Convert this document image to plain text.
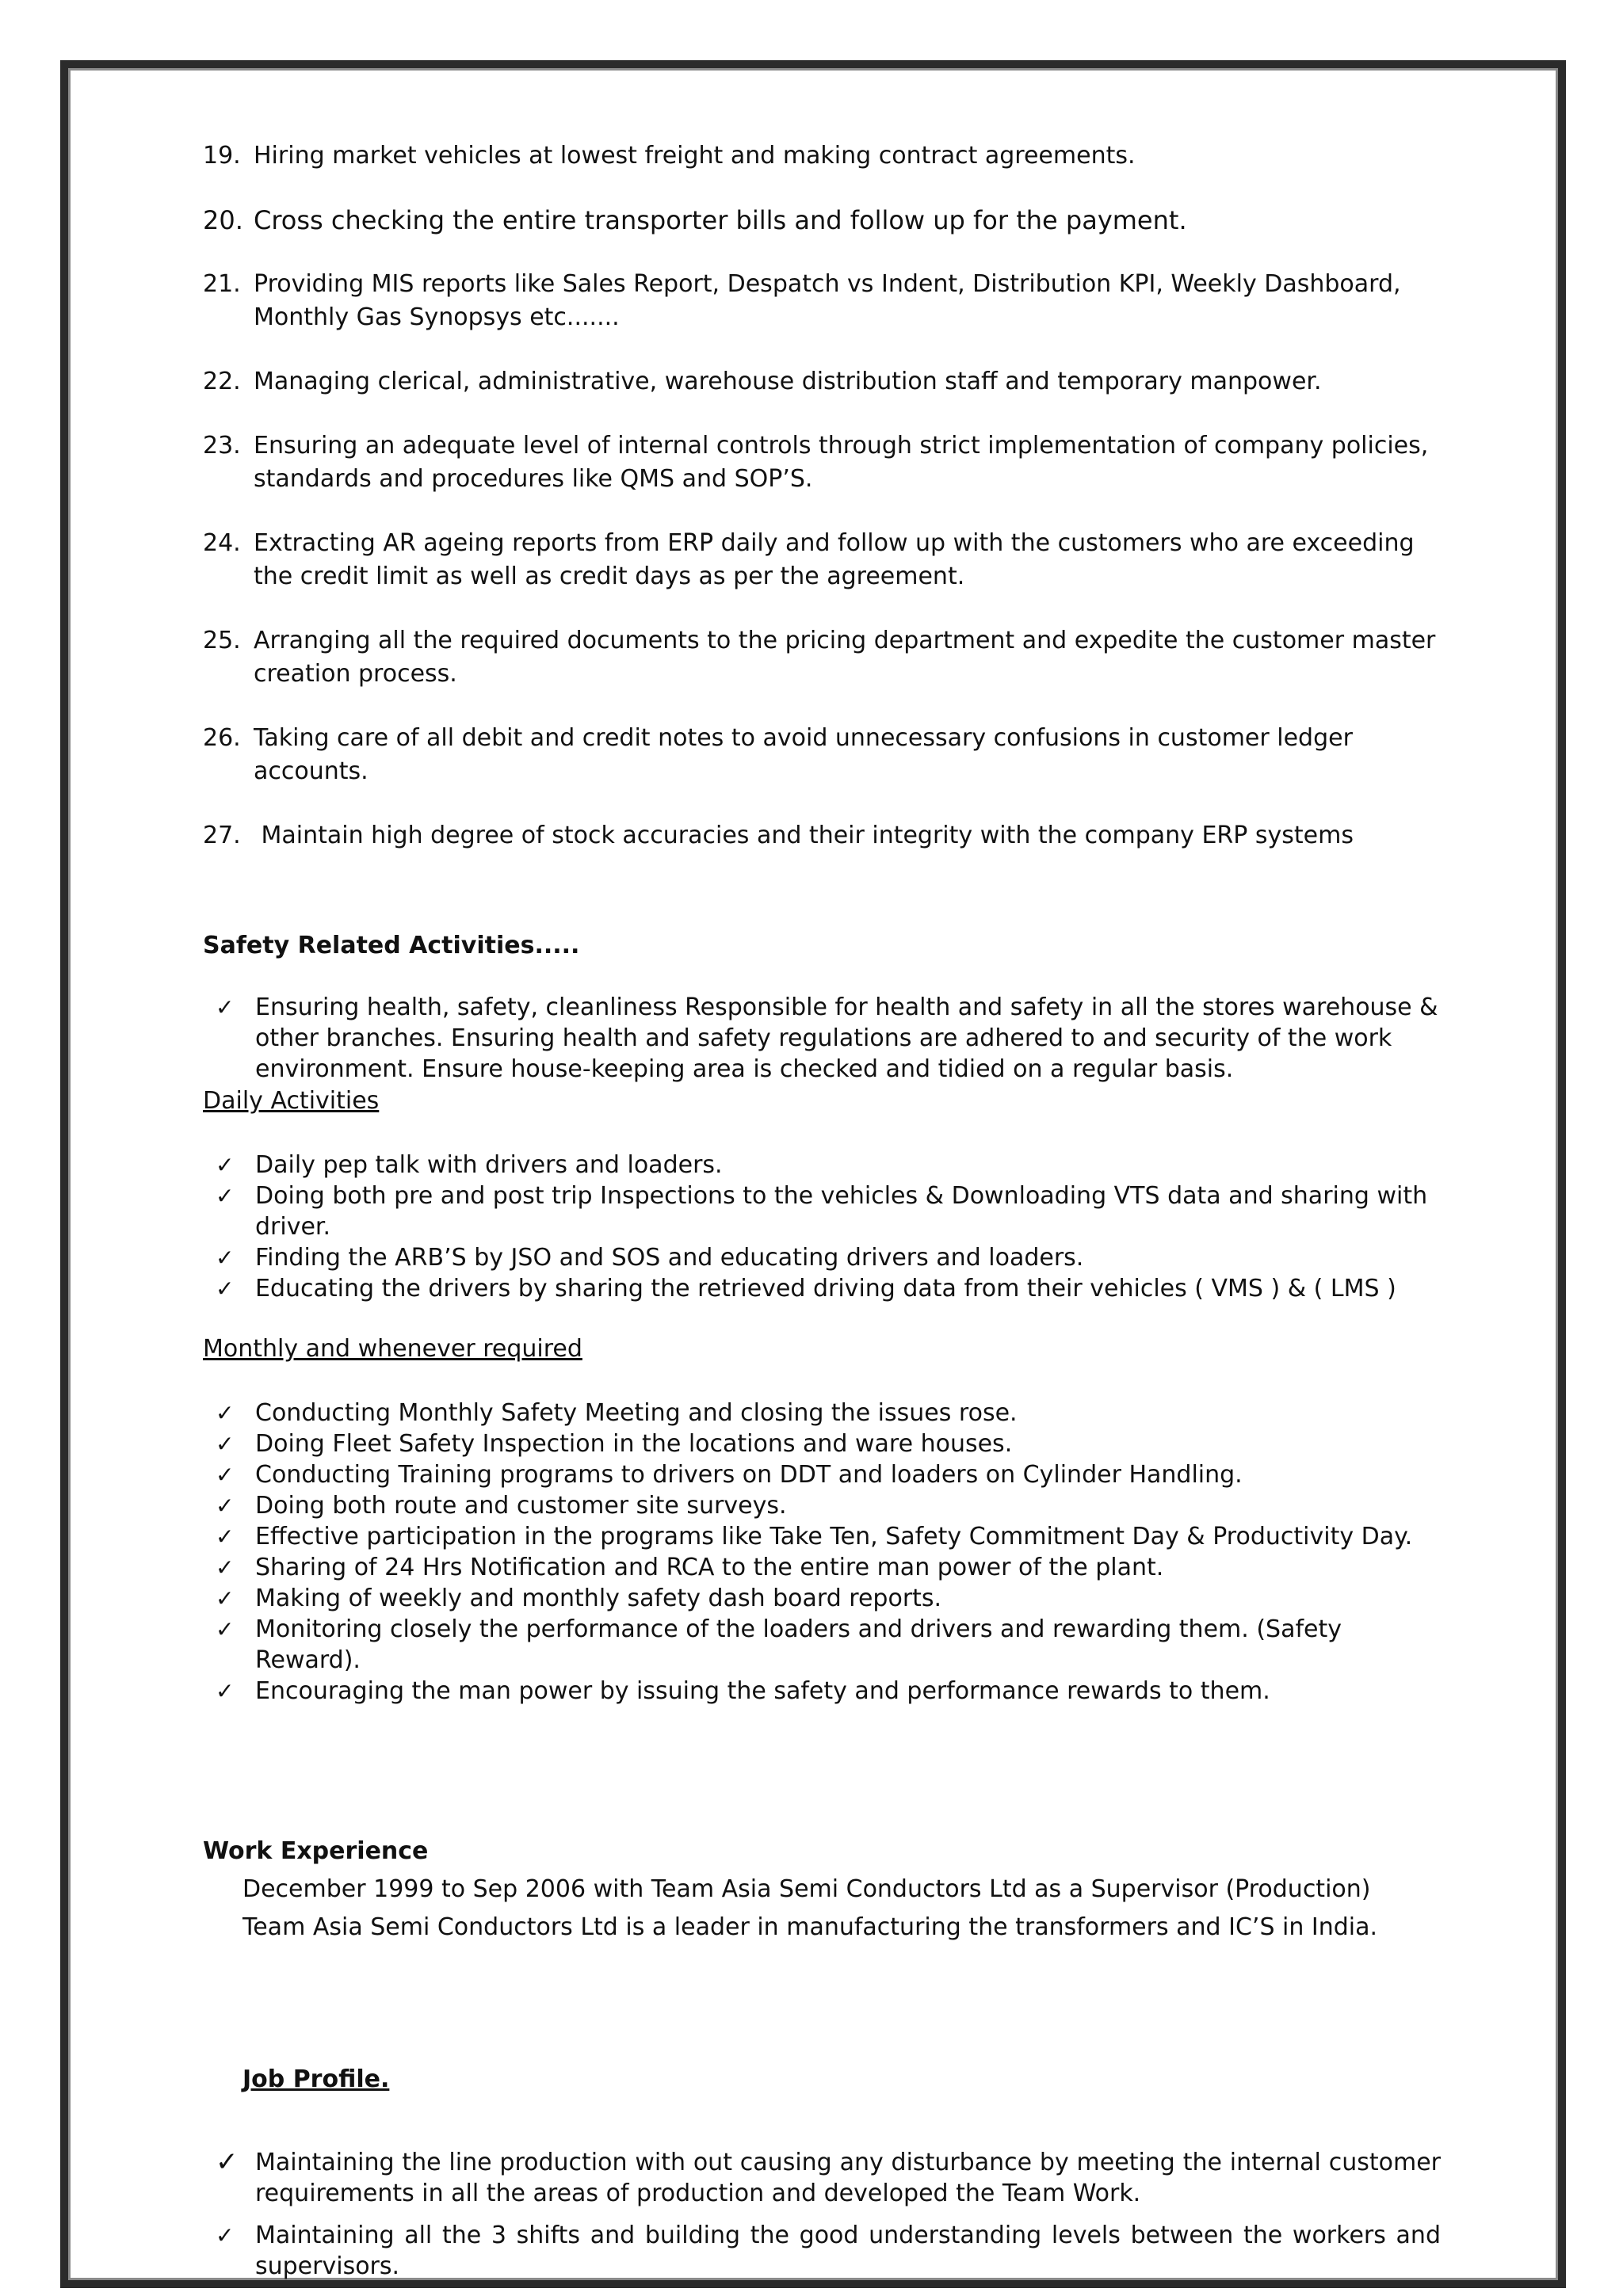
19. Hiring market vehicles at lowest freight and making contract agreements.
20. Cross checking the entire transporter bills and follow up for the payment.
21. Providing MIS reports like Sales Report, Despatch vs Indent, Distribution KPI, Weekly Dashboard, Monthly Gas Synopsys etc.......
22. Managing clerical, administrative, warehouse distribution staff and temporary manpower.
23. Ensuring an adequate level of internal controls through strict implementation of company policies, standards and procedures like QMS and SOP’S.
24. Extracting AR ageing reports from ERP daily and follow up with the customers who are exceeding the credit limit as well as credit days as per the agreement.
25. Arranging all the required documents to the pricing department and expedite the customer master creation process.
26. Taking care of all debit and credit notes to avoid unnecessary confusions in customer ledger accounts.
27. Maintain high degree of stock accuracies and their integrity with the company ERP systems

Safety Related Activities.....

✓ Ensuring health, safety, cleanliness Responsible for health and safety in all the stores warehouse & other branches. Ensuring health and safety regulations are adhered to and security of the work environment. Ensure house-keeping area is checked and tidied on a regular basis.

Daily Activities

✓ Daily pep talk with drivers and loaders.
✓ Doing both pre and post trip Inspections to the vehicles & Downloading VTS data and sharing with driver.
✓ Finding the ARB’S by JSO and SOS and educating drivers and loaders.
✓ Educating the drivers by sharing the retrieved driving data from their vehicles ( VMS ) & ( LMS )

Monthly and whenever required

✓ Conducting Monthly Safety Meeting and closing the issues rose.
✓ Doing Fleet Safety Inspection in the locations and ware houses.
✓ Conducting Training programs to drivers on DDT and loaders on Cylinder Handling.
✓ Doing both route and customer site surveys.
✓ Effective participation in the programs like Take Ten, Safety Commitment Day & Productivity Day.
✓ Sharing of 24 Hrs Notification and RCA to the entire man power of the plant.
✓ Making of weekly and monthly safety dash board reports.
✓ Monitoring closely the performance of the loaders and drivers and rewarding them. (Safety Reward).
✓ Encouraging the man power by issuing the safety and performance rewards to them.

Work Experience

December 1999 to Sep 2006 with Team Asia Semi Conductors Ltd as a Supervisor (Production)

Team Asia Semi Conductors Ltd is a leader in manufacturing the transformers and IC’S in India.

Job Profile.

✓ Maintaining the line production with out causing any disturbance by meeting the internal customer requirements in all the areas of production and developed the Team Work.
✓ Maintaining all the 3 shifts and building the good understanding levels between the workers and supervisors.
